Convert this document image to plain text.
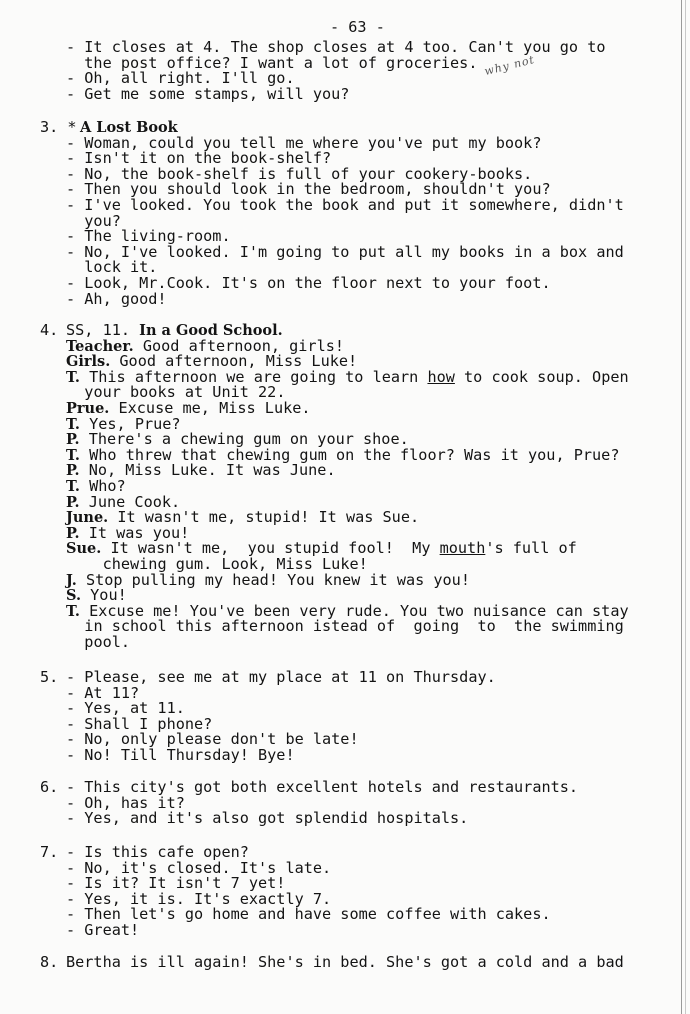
- 63 -
why not
- It closes at 4. The shop closes at 4 too. Can't you go to
the post office? I want a lot of groceries.
- Oh, all right. I'll go.
- Get me some stamps, will you?
3. * A Lost Book
- Woman, could you tell me where you've put my book?
- Isn't it on the book-shelf?
- No, the book-shelf is full of your cookery-books.
- Then you should look in the bedroom, shouldn't you?
- I've looked. You took the book and put it somewhere, didn't
you?
- The living-room.
- No, I've looked. I'm going to put all my books in a box and
lock it.
- Look, Mr.Cook. It's on the floor next to your foot.
- Ah, good!
4. SS, 11. In a Good School.
Teacher. Good afternoon, girls!
Girls. Good afternoon, Miss Luke!
T. This afternoon we are going to learn how to cook soup. Open
your books at Unit 22.
Prue. Excuse me, Miss Luke.
T. Yes, Prue?
P. There's a chewing gum on your shoe.
T. Who threw that chewing gum on the floor? Was it you, Prue?
P. No, Miss Luke. It was June.
T. Who?
P. June Cook.
June. It wasn't me, stupid! It was Sue.
P. It was you!
Sue. It wasn't me,  you stupid fool!  My mouth's full of
chewing gum. Look, Miss Luke!
J. Stop pulling my head! You knew it was you!
S. You!
T. Excuse me! You've been very rude. You two nuisance can stay
in school this afternoon istead of  going  to  the swimming
pool.
5. - Please, see me at my place at 11 on Thursday.
- At 11?
- Yes, at 11.
- Shall I phone?
- No, only please don't be late!
- No! Till Thursday! Bye!
6. - This city's got both excellent hotels and restaurants.
- Oh, has it?
- Yes, and it's also got splendid hospitals.
7. - Is this cafe open?
- No, it's closed. It's late.
- Is it? It isn't 7 yet!
- Yes, it is. It's exactly 7.
- Then let's go home and have some coffee with cakes.
- Great!
8. Bertha is ill again! She's in bed. She's got a cold and a bad
